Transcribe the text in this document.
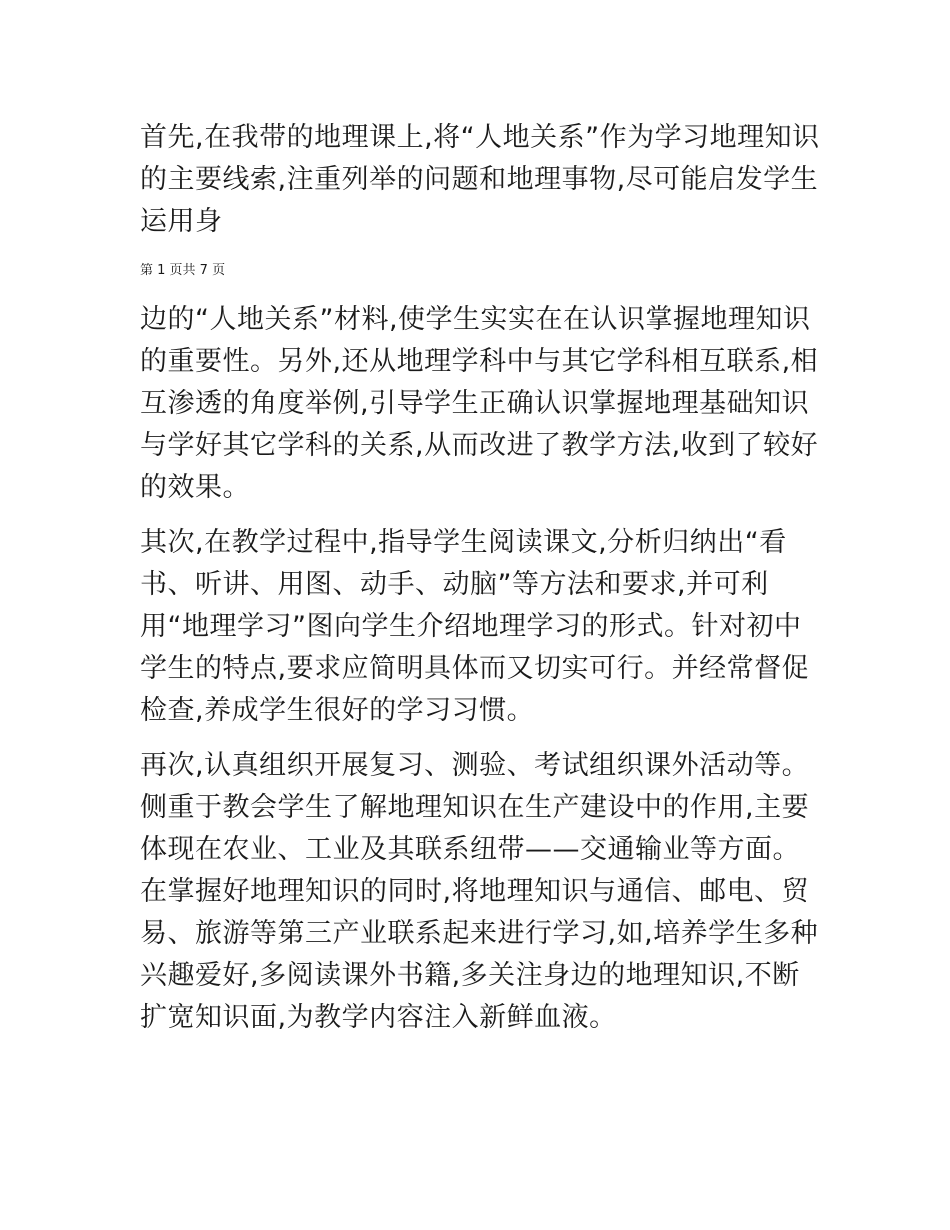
首先,在我带的地理课上,将“人地关系”作为学习地理知识的主要线索,注重列举的问题和地理事物,尽可能启发学生运用身

第 1 页共 7 页

边的“人地关系”材料,使学生实实在在认识掌握地理知识的重要性。另外,还从地理学科中与其它学科相互联系,相互渗透的角度举例,引导学生正确认识掌握地理基础知识与学好其它学科的关系,从而改进了教学方法,收到了较好的效果。

其次,在教学过程中,指导学生阅读课文,分析归纳出“看书、听讲、用图、动手、动脑”等方法和要求,并可利用“地理学习”图向学生介绍地理学习的形式。针对初中学生的特点,要求应简明具体而又切实可行。并经常督促检查,养成学生很好的学习习惯。

再次,认真组织开展复习、测验、考试组织课外活动等。侧重于教会学生了解地理知识在生产建设中的作用,主要体现在农业、工业及其联系纽带——交通输业等方面。在掌握好地理知识的同时,将地理知识与通信、邮电、贸易、旅游等第三产业联系起来进行学习,如,培养学生多种兴趣爱好,多阅读课外书籍,多关注身边的地理知识,不断扩宽知识面,为教学内容注入新鲜血液。
